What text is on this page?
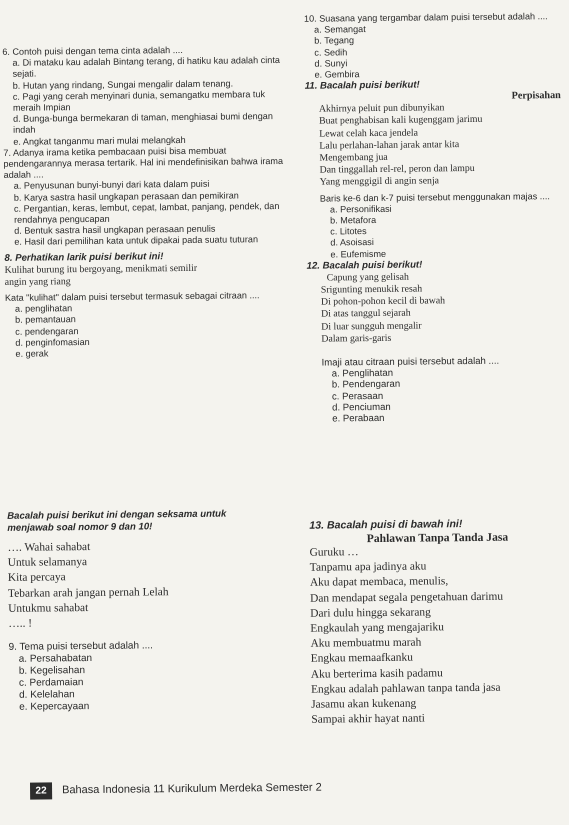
6. Contoh puisi dengan tema cinta adalah ....

a. Di mataku kau adalah Bintang terang, di hatiku kau adalah cinta sejati.

b. Hutan yang rindang, Sungai mengalir dalam tenang.

c. Pagi yang cerah menyinari dunia, semangatku membara tuk meraih Impian

d. Bunga-bunga bermekaran di taman, menghiasai bumi dengan indah

e. Angkat tanganmu mari mulai melangkah

7. Adanya irama ketika pembacaan puisi bisa membuat pendengarannya merasa tertarik. Hal ini mendefinisikan bahwa irama adalah ....

a. Penyusunan bunyi-bunyi dari kata dalam puisi

b. Karya sastra hasil ungkapan perasaan dan pemikiran

c. Pergantian, keras, lembut, cepat, lambat, panjang, pendek, dan rendahnya pengucapan

d. Bentuk sastra hasil ungkapan perasaan penulis

e. Hasil dari pemilihan kata untuk dipakai pada suatu tuturan

8. Perhatikan larik puisi berikut ini!

Kulihat burung itu bergoyang, menikmati semilir

angin yang riang

Kata "kulihat" dalam puisi tersebut termasuk sebagai citraan ....

a. penglihatan

b. pemantauan

c. pendengaran

d. penginfomasian

e. gerak

Bacalah puisi berikut ini dengan seksama untuk

menjawab soal nomor 9 dan 10!

…. Wahai sahabat

Untuk selamanya

Kita percaya

Tebarkan arah jangan pernah Lelah

Untukmu sahabat

….. !

9. Tema puisi tersebut adalah ....

a. Persahabatan

b. Kegelisahan

c. Perdamaian

d. Kelelahan

e. Kepercayaan

10. Suasana yang tergambar dalam puisi tersebut adalah ....

a. Semangat

b. Tegang

c. Sedih

d. Sunyi

e. Gembira

11. Bacalah puisi berikut!

Perpisahan

Akhirnya peluit pun dibunyikan

Buat penghabisan kali kugenggam jarimu

Lewat celah kaca jendela

Lalu perlahan-lahan jarak antar kita

Mengembang jua

Dan tinggallah rel-rel, peron dan lampu

Yang menggigil di angin senja

Baris ke-6 dan k-7 puisi tersebut menggunakan majas ....

a. Personifikasi

b. Metafora

c. Litotes

d. Asoisasi

e. Eufemisme

12. Bacalah puisi berikut!

Capung yang gelisah

Srigunting menukik resah

Di pohon-pohon kecil di bawah

Di atas tanggul sejarah

Di luar sungguh mengalir

Dalam garis-garis

Imaji atau citraan puisi tersebut adalah ....

a. Penglihatan

b. Pendengaran

c. Perasaan

d. Penciuman

e. Perabaan

13. Bacalah puisi di bawah ini!

Pahlawan Tanpa Tanda Jasa

Guruku …

Tanpamu apa jadinya aku

Aku dapat membaca, menulis,

Dan mendapat segala pengetahuan darimu

Dari dulu hingga sekarang

Engkaulah yang mengajariku

Aku membuatmu marah

Engkau memaafkanku

Aku berterima kasih padamu

Engkau adalah pahlawan tanpa tanda jasa

Jasamu akan kukenang

Sampai akhir hayat nanti

22	Bahasa Indonesia 11 Kurikulum Merdeka Semester 2
